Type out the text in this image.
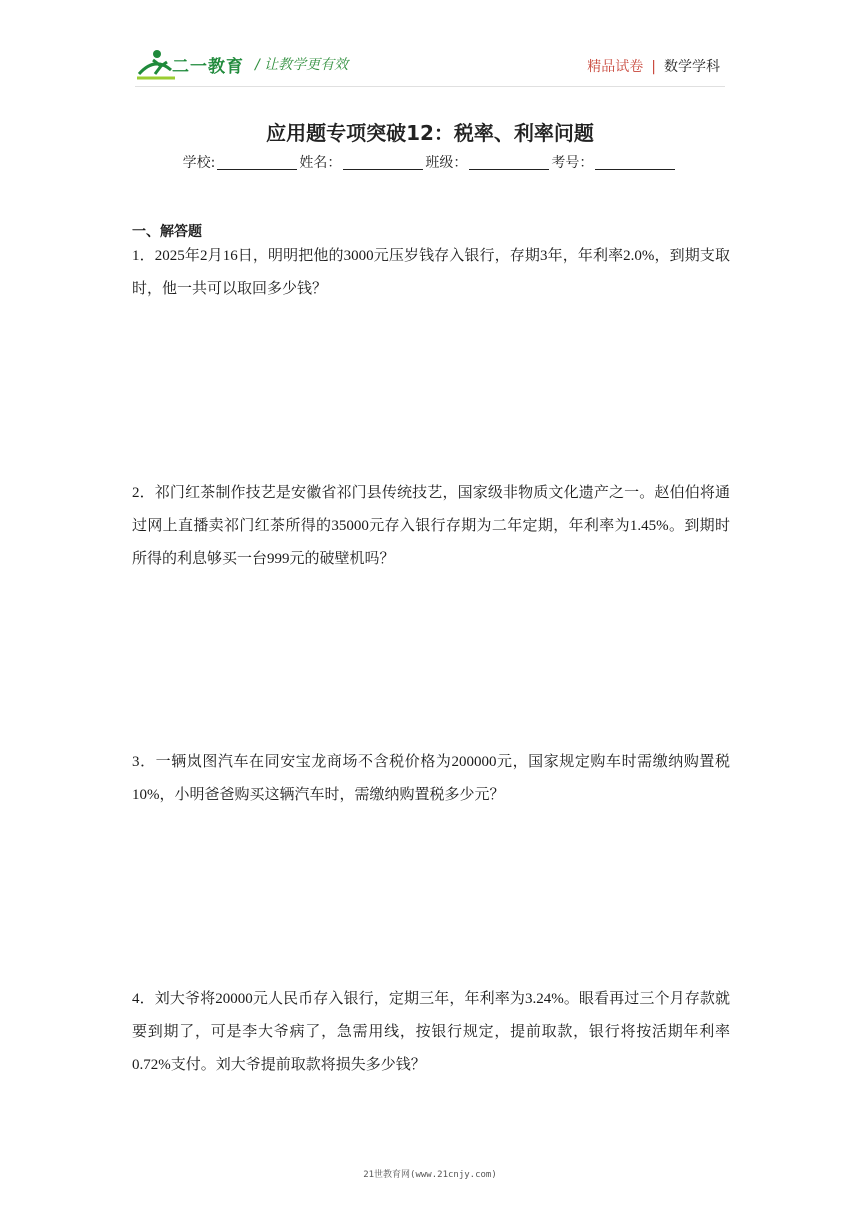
二一教育 / 让教学更有效	精品试卷 | 数学学科
应用题专项突破12：税率、利率问题
学校:	姓名：	班级：	考号：
一、解答题
1．2025年2月16日，明明把他的3000元压岁钱存入银行，存期3年，年利率2.0%，到期支取时，他一共可以取回多少钱？
2．祁门红茶制作技艺是安徽省祁门县传统技艺，国家级非物质文化遗产之一。赵伯伯将通过网上直播卖祁门红茶所得的35000元存入银行存期为二年定期，年利率为1.45%。到期时所得的利息够买一台999元的破壁机吗？
3．一辆岚图汽车在同安宝龙商场不含税价格为200000元，国家规定购车时需缴纳购置税10%，小明爸爸购买这辆汽车时，需缴纳购置税多少元？
4．刘大爷将20000元人民币存入银行，定期三年，年利率为3.24%。眼看再过三个月存款就要到期了，可是李大爷病了，急需用线，按银行规定，提前取款，银行将按活期年利率0.72%支付。刘大爷提前取款将损失多少钱？
21世教育网(www.21cnjy.com)
